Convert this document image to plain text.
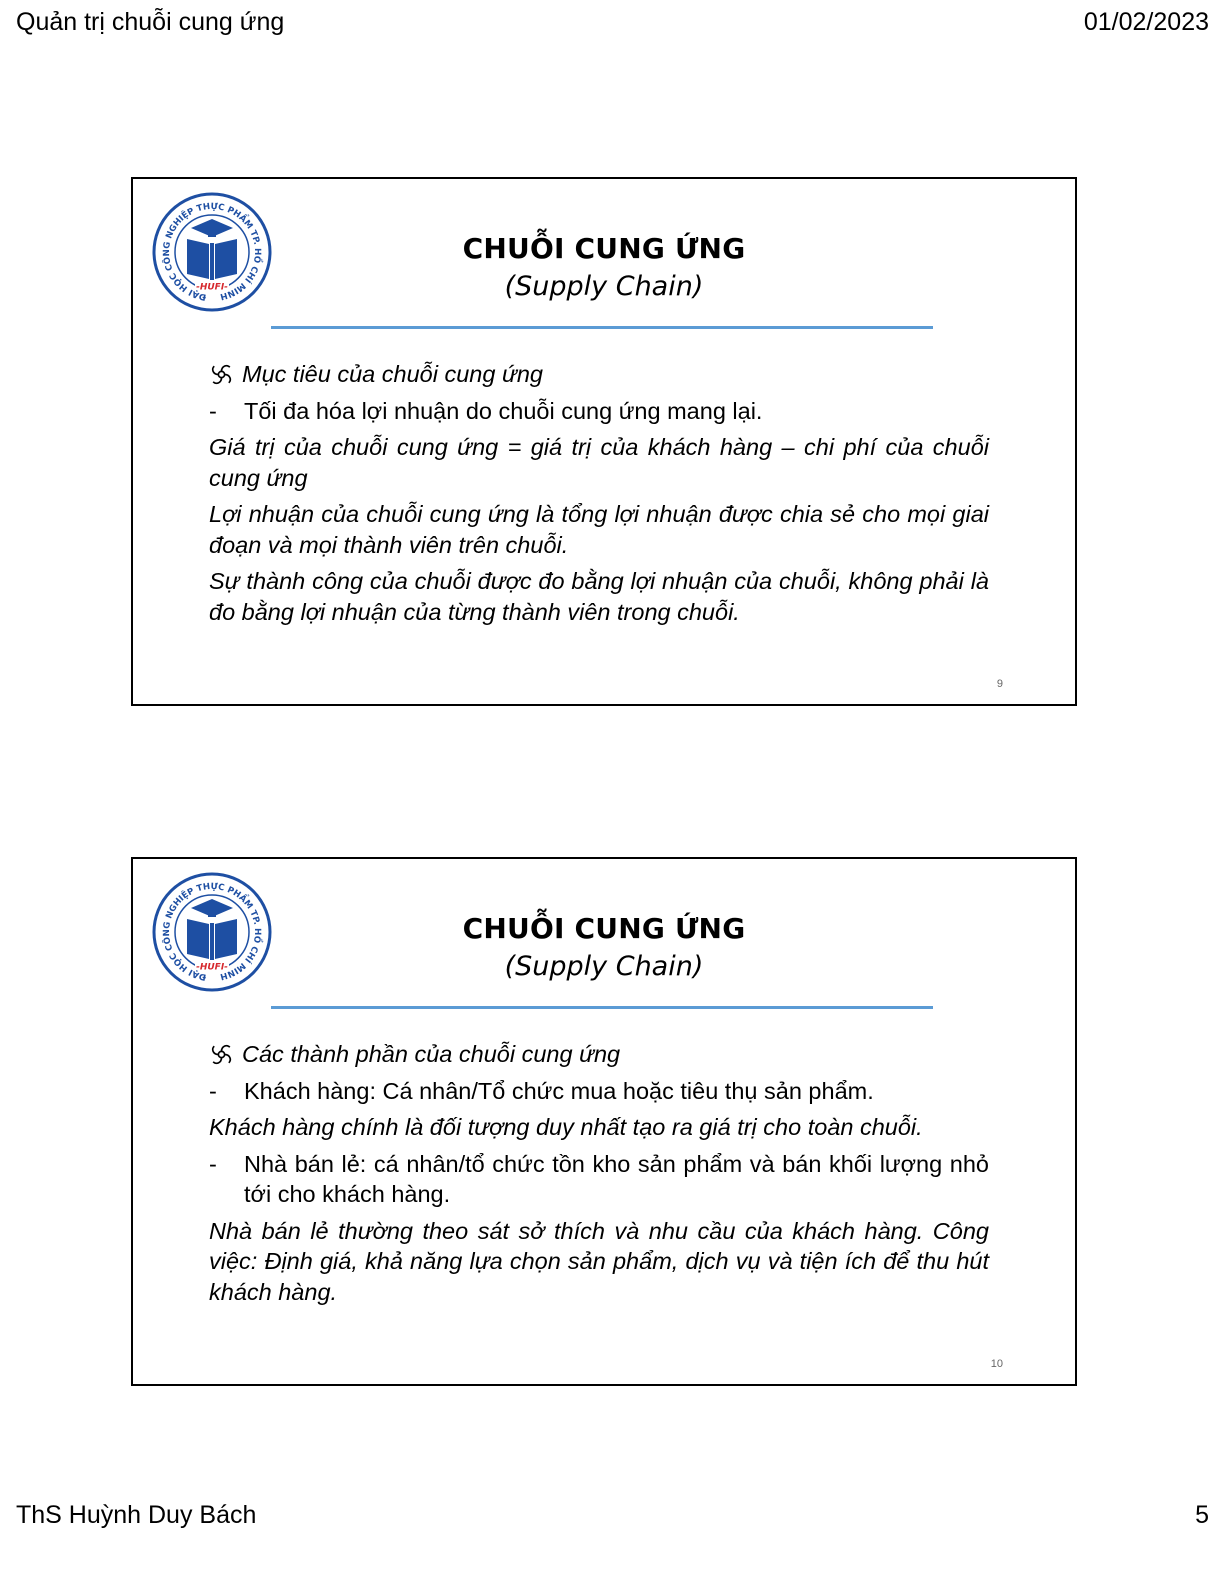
Quản trị chuỗi cung ứng	01/02/2023
ĐẠI HỌC CÔNG NGHIỆP THỰC PHẨM TP. HỒ CHÍ MINH
-HUFI-
CHUỖI CUNG ỨNG
(Supply Chain)
Mục tiêu của chuỗi cung ứng
-	Tối đa hóa lợi nhuận do chuỗi cung ứng mang lại.
Giá trị của chuỗi cung ứng = giá trị của khách hàng – chi phí của chuỗi cung ứng
Lợi nhuận của chuỗi cung ứng là tổng lợi nhuận được chia sẻ cho mọi giai đoạn và mọi thành viên trên chuỗi.
Sự thành công của chuỗi được đo bằng lợi nhuận của chuỗi, không phải là đo bằng lợi nhuận của từng thành viên trong chuỗi.
9
ĐẠI HỌC CÔNG NGHIỆP THỰC PHẨM TP. HỒ CHÍ MINH
-HUFI-
CHUỖI CUNG ỨNG
(Supply Chain)
Các thành phần của chuỗi cung ứng
-	Khách hàng: Cá nhân/Tổ chức mua hoặc tiêu thụ sản phẩm.
Khách hàng chính là đối tượng duy nhất tạo ra giá trị cho toàn chuỗi.
-	Nhà bán lẻ: cá nhân/tổ chức tồn kho sản phẩm và bán khối lượng nhỏ tới cho khách hàng.
Nhà bán lẻ thường theo sát sở thích và nhu cầu của khách hàng. Công việc: Định giá, khả năng lựa chọn sản phẩm, dịch vụ và tiện ích để thu hút khách hàng.
10
ThS Huỳnh Duy Bách	5
